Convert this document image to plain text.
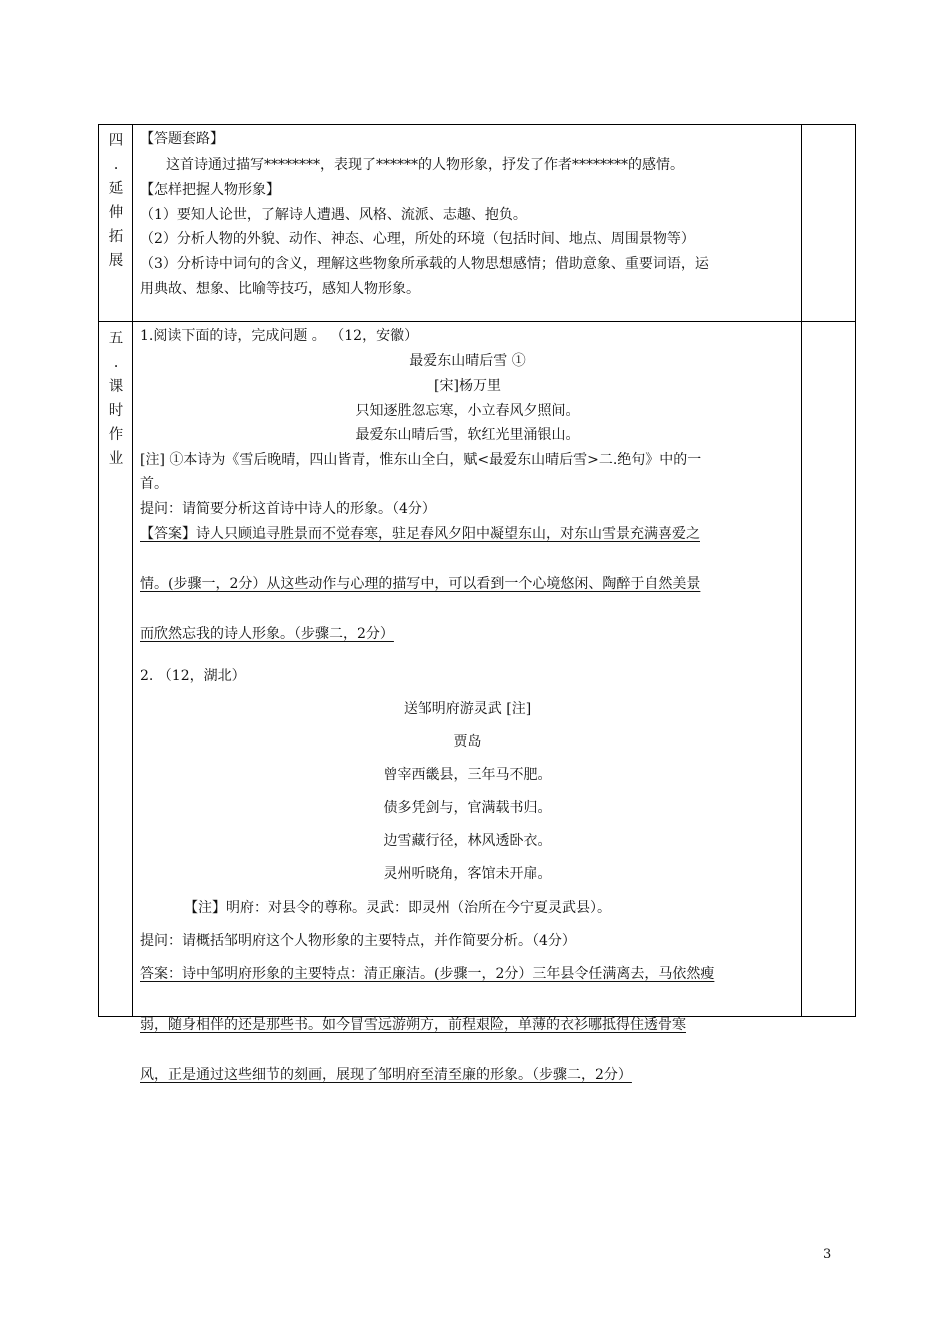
四
.
延
伸
拓
展
五
.
课
时
作
业
【答题套路】
这首诗通过描写********，表现了******的人物形象，抒发了作者********的感情。
【怎样把握人物形象】
（1）要知人论世，了解诗人遭遇、风格、流派、志趣、抱负。
（2）分析人物的外貌、动作、神态、心理，所处的环境（包括时间、地点、周围景物等）
（3）分析诗中词句的含义，理解这些物象所承载的人物思想感情；借助意象、重要词语，运
用典故、想象、比喻等技巧，感知人物形象。
1.阅读下面的诗，完成问题 。 （12，安徽）
最爱东山晴后雪 ①
[宋]杨万里
只知逐胜忽忘寒，小立春风夕照间。
最爱东山晴后雪，软红光里涌银山。
[注] ①本诗为《雪后晚晴，四山皆青，惟东山全白，赋<最爱东山晴后雪>二.绝句》中的一
首。
提问：请简要分析这首诗中诗人的形象。（4分）
【答案】诗人只顾追寻胜景而不觉春寒，驻足春风夕阳中凝望东山，对东山雪景充满喜爱之
情。(步骤一，2分）从这些动作与心理的描写中，可以看到一个心境悠闲、陶醉于自然美景
而欣然忘我的诗人形象。（步骤二，2分）
2. （12，湖北）
送邹明府游灵武 [注]
贾岛
曾宰西畿县，三年马不肥。
债多凭剑与，官满载书归。
边雪藏行径，林风透卧衣。
灵州听晓角，客馆未开扉。
【注】明府：对县令的尊称。灵武：即灵州（治所在今宁夏灵武县）。
提问：请概括邹明府这个人物形象的主要特点，并作简要分析。（4分）
答案：诗中邹明府形象的主要特点：清正廉洁。(步骤一，2分）三年县令任满离去，马依然瘦
弱，随身相伴的还是那些书。如今冒雪远游朔方，前程艰险，单薄的衣衫哪抵得住透骨寒
风，正是通过这些细节的刻画，展现了邹明府至清至廉的形象。（步骤二，2分）
3
